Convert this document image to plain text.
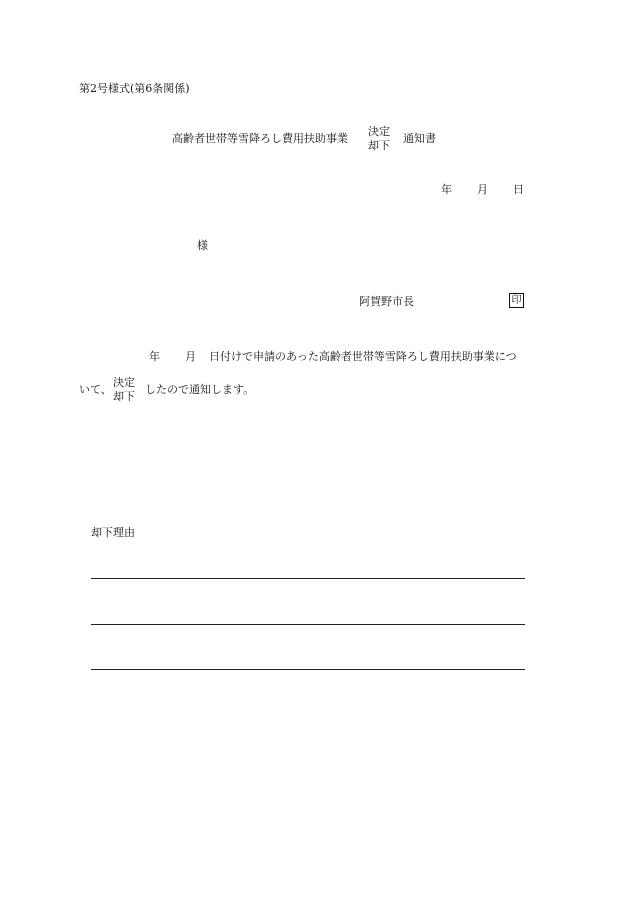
第2号様式(第6条関係)
高齢者世帯等雪降ろし費用扶助事業
決定
却下
通知書
年 月 日
様
阿賀野市長	印
年 月 日付けで申請のあった高齢者世帯等雪降ろし費用扶助事業につ
いて、
決定
却下
したので通知します。
却下理由
